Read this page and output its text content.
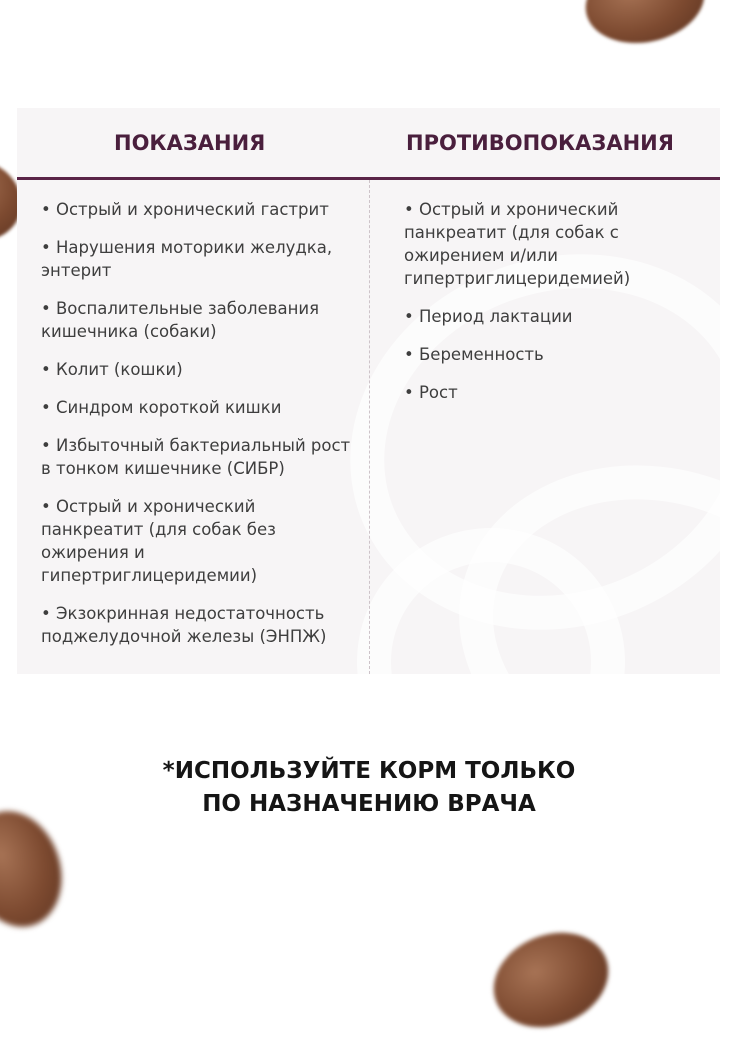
ПОКАЗАНИЯ	ПРОТИВОПОКАЗАНИЯ
• Острый и хронический гастрит
• Нарушения моторики желудка, энтерит
• Воспалительные заболевания кишечника (собаки)
• Колит (кошки)
• Синдром короткой кишки
• Избыточный бактериальный рост в тонком кишечнике (СИБР)
• Острый и хронический панкреатит (для собак без ожирения и гипертриглицеридемии)
• Экзокринная недостаточность поджелудочной железы (ЭНПЖ)
• Острый и хронический панкреатит (для собак с ожирением и/или гипертриглицеридемией)
• Период лактации
• Беременность
• Рост
*ИСПОЛЬЗУЙТЕ КОРМ ТОЛЬКО
ПО НАЗНАЧЕНИЮ ВРАЧА
